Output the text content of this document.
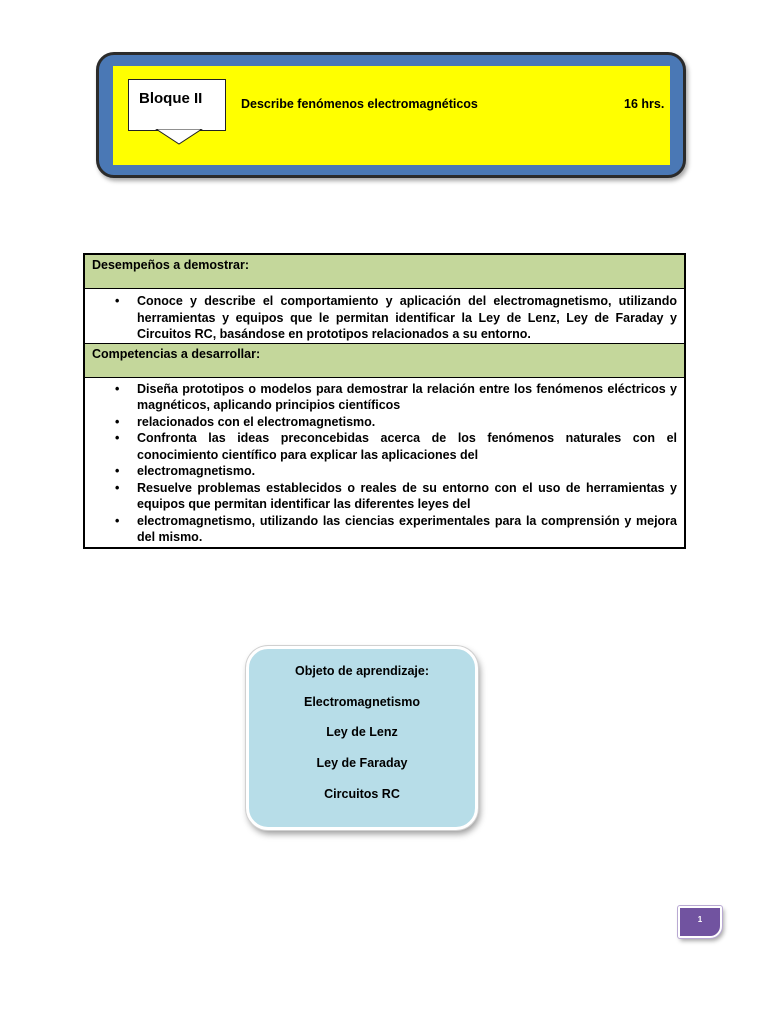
Bloque II	Describe fenómenos electromagnéticos	16 hrs.
Desempeños a demostrar:
• Conoce y describe el comportamiento y aplicación del electromagnetismo, utilizando herramientas y equipos que le permitan identificar la Ley de Lenz, Ley de Faraday y Circuitos RC, basándose en prototipos relacionados a su entorno.
Competencias a desarrollar:
• Diseña prototipos o modelos para demostrar la relación entre los fenómenos eléctricos y magnéticos, aplicando principios científicos
• relacionados con el electromagnetismo.
• Confronta las ideas preconcebidas acerca de los fenómenos naturales con el conocimiento científico para explicar las aplicaciones del
• electromagnetismo.
• Resuelve problemas establecidos o reales de su entorno con el uso de herramientas y equipos que permitan identificar las diferentes leyes del
• electromagnetismo, utilizando las ciencias experimentales para la comprensión y mejora del mismo.
Objeto de aprendizaje:
Electromagnetismo
Ley de Lenz
Ley de Faraday
Circuitos RC
1
